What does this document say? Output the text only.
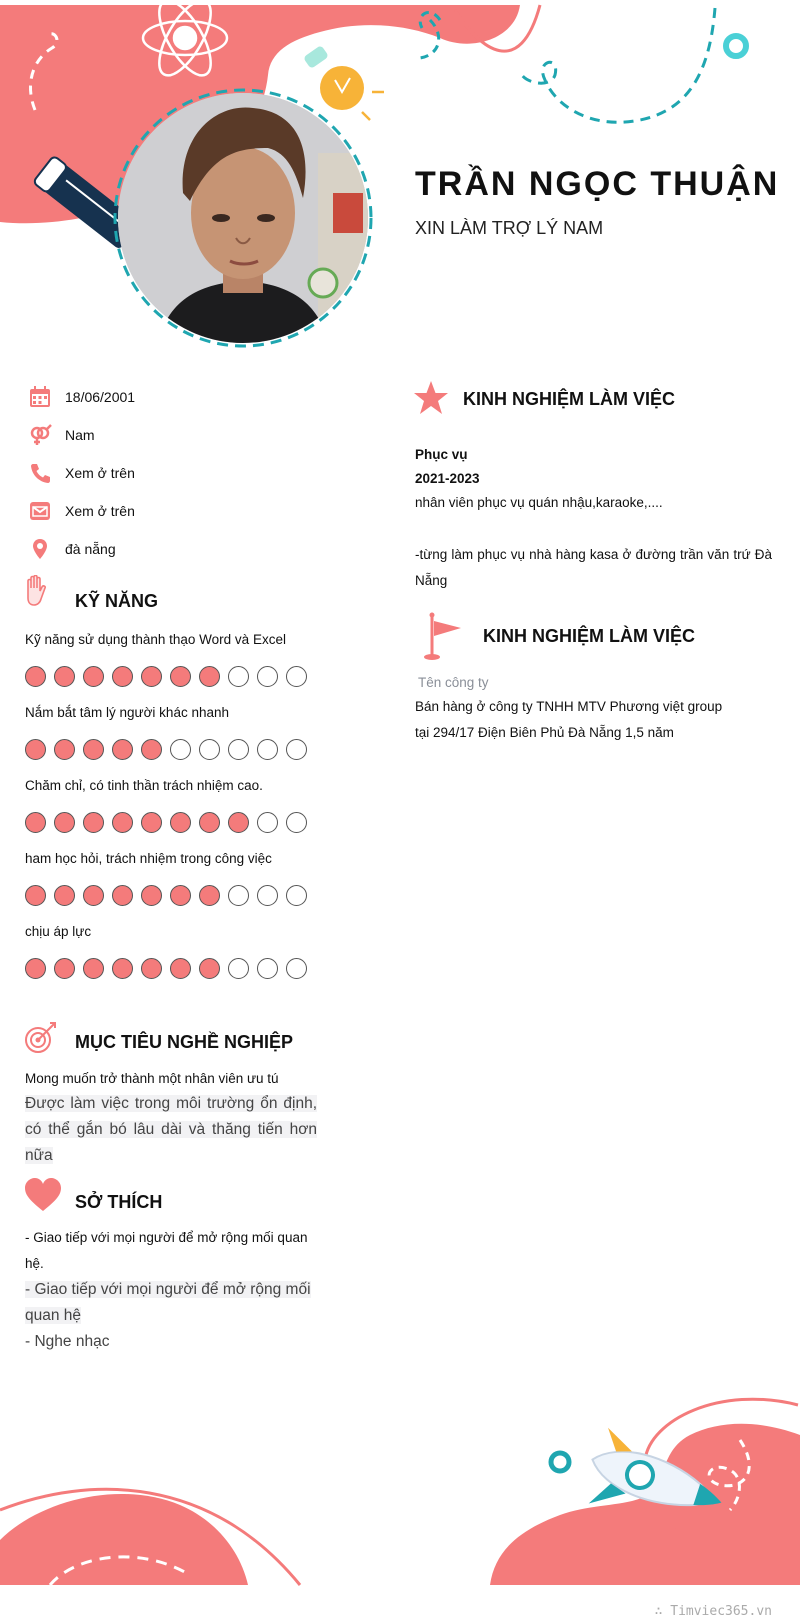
TRẦN NGỌC THUẬN
XIN LÀM TRỢ LÝ NAM
18/06/2001
Nam
Xem ở trên
Xem ở trên
đà nẵng
KỸ NĂNG
Kỹ năng sử dụng thành thạo Word và Excel
Nắm bắt tâm lý người khác nhanh
Chăm chỉ, có tinh thần trách nhiệm cao.
ham học hỏi, trách nhiệm trong công việc
chịu áp lực
MỤC TIÊU NGHỀ NGHIỆP
Mong muốn trở thành một nhân viên ưu tú
Được làm việc trong môi trường ổn định, có thể gắn bó lâu dài và thăng tiến hơn nữa
SỞ THÍCH
- Giao tiếp với mọi người để mở rộng mối quan hệ.
- Giao tiếp với mọi người để mở rộng mối quan hệ
- Nghe nhạc
KINH NGHIỆM LÀM VIỆC
Phục vụ
2021-2023
nhân viên phục vụ quán nhậu,karaoke,....
-từng làm phục vụ nhà hàng kasa ở đường trần văn trứ Đà Nẵng
KINH NGHIỆM LÀM VIỆC
Tên công ty
Bán hàng ở công ty TNHH MTV Phương việt group
tại 294/17 Điện Biên Phủ Đà Nẵng 1,5 năm
∴ Timviec365.vn
